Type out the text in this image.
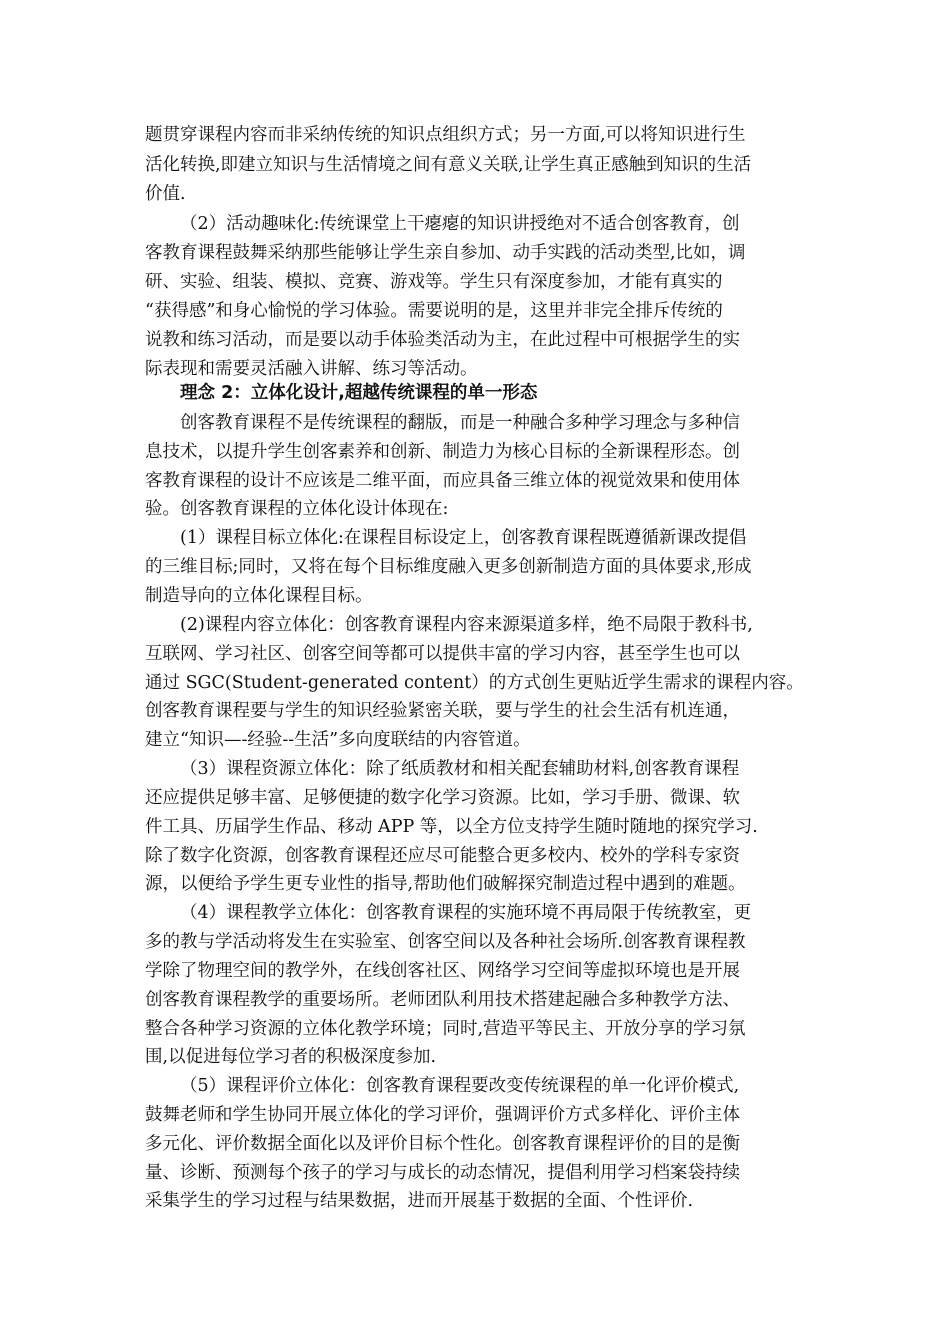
题贯穿课程内容而非采纳传统的知识点组织方式；另一方面,可以将知识进行生
活化转换,即建立知识与生活情境之间有意义关联,让学生真正感触到知识的生活
价值.
（2）活动趣味化:传统课堂上干瘪瘪的知识讲授绝对不适合创客教育，创
客教育课程鼓舞采纳那些能够让学生亲自参加、动手实践的活动类型,比如，调
研、实验、组装、模拟、竞赛、游戏等。学生只有深度参加，才能有真实的
“获得感”和身心愉悦的学习体验。需要说明的是，这里并非完全排斥传统的
说教和练习活动，而是要以动手体验类活动为主，在此过程中可根据学生的实
际表现和需要灵活融入讲解、练习等活动。
理念 2：立体化设计,超越传统课程的单一形态
创客教育课程不是传统课程的翻版，而是一种融合多种学习理念与多种信
息技术，以提升学生创客素养和创新、制造力为核心目标的全新课程形态。创
客教育课程的设计不应该是二维平面，而应具备三维立体的视觉效果和使用体
验。创客教育课程的立体化设计体现在:
(1）课程目标立体化:在课程目标设定上，创客教育课程既遵循新课改提倡
的三维目标;同时，又将在每个目标维度融入更多创新制造方面的具体要求,形成
制造导向的立体化课程目标。
(2)课程内容立体化：创客教育课程内容来源渠道多样，绝不局限于教科书,
互联网、学习社区、创客空间等都可以提供丰富的学习内容，甚至学生也可以
通过 SGC(Student-generated content）的方式创生更贴近学生需求的课程内容。
创客教育课程要与学生的知识经验紧密关联，要与学生的社会生活有机连通，
建立“知识—-经验--生活”多向度联结的内容管道。
（3）课程资源立体化：除了纸质教材和相关配套辅助材料,创客教育课程
还应提供足够丰富、足够便捷的数字化学习资源。比如，学习手册、微课、软
件工具、历届学生作品、移动 APP 等，以全方位支持学生随时随地的探究学习.
除了数字化资源，创客教育课程还应尽可能整合更多校内、校外的学科专家资
源，以便给予学生更专业性的指导,帮助他们破解探究制造过程中遇到的难题。
（4）课程教学立体化：创客教育课程的实施环境不再局限于传统教室，更
多的教与学活动将发生在实验室、创客空间以及各种社会场所.创客教育课程教
学除了物理空间的教学外，在线创客社区、网络学习空间等虚拟环境也是开展
创客教育课程教学的重要场所。老师团队利用技术搭建起融合多种教学方法、
整合各种学习资源的立体化教学环境；同时,营造平等民主、开放分享的学习氛
围,以促进每位学习者的积极深度参加.
（5）课程评价立体化：创客教育课程要改变传统课程的单一化评价模式,
鼓舞老师和学生协同开展立体化的学习评价，强调评价方式多样化、评价主体
多元化、评价数据全面化以及评价目标个性化。创客教育课程评价的目的是衡
量、诊断、预测每个孩子的学习与成长的动态情况，提倡利用学习档案袋持续
采集学生的学习过程与结果数据，进而开展基于数据的全面、个性评价.
